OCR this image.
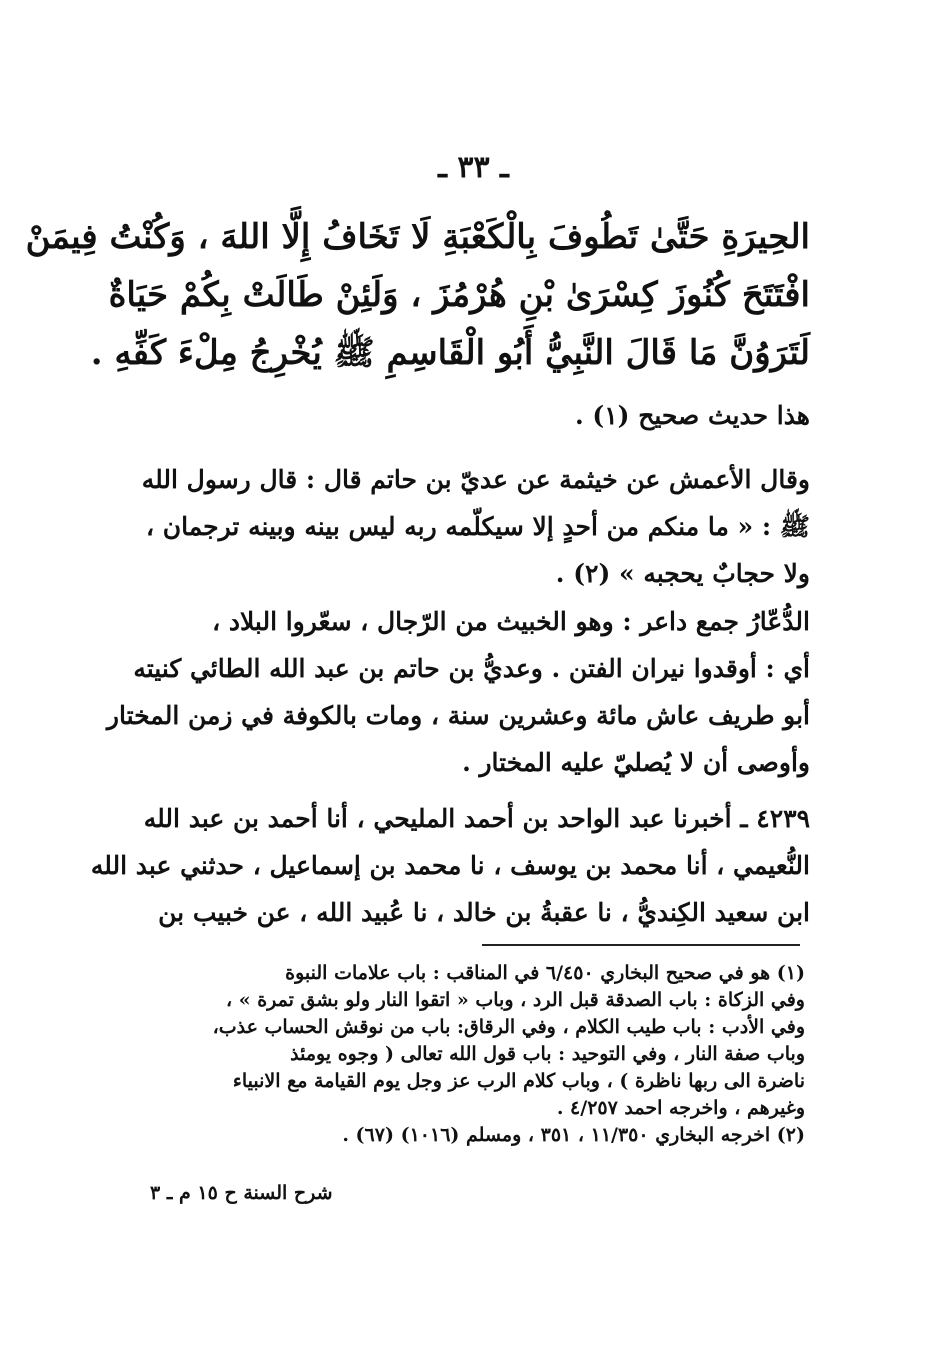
ـ ٣٣ ـ
الحِيرَةِ حَتَّىٰ تَطُوفَ بِالْكَعْبَةِ لَا تَخَافُ إِلَّا اللهَ ، وَكُنْتُ فِيمَنْ
افْتَتَحَ كُنُوزَ كِسْرَىٰ بْنِ هُرْمُزَ ، وَلَئِنْ طَالَتْ بِكُمْ حَيَاةٌ
لَتَرَوُنَّ مَا قَالَ النَّبِيُّ أَبُو الْقَاسِمِ ﷺ يُخْرِجُ مِلْءَ كَفِّهِ .
هذا حديث صحيح (١) .
وقال الأعمش عن خيثمة عن عديّ بن حاتم قال : قال رسول الله
ﷺ : « ما منكم من أحدٍ إلا سيكلّمه ربه ليس بينه وبينه ترجمان ،
ولا حجابٌ يحجبه » (٢) .
الدُّعّارُ جمع داعر : وهو الخبيث من الرّجال ، سعّروا البلاد ،
أي : أوقدوا نيران الفتن . وعديُّ بن حاتم بن عبد الله الطائي كنيته
أبو طريف عاش مائة وعشرين سنة ، ومات بالكوفة في زمن المختار
وأوصى أن لا يُصليّ عليه المختار .
٤٢٣٩ ـ أخبرنا عبد الواحد بن أحمد المليحي ، أنا أحمد بن عبد الله
النُّعيمي ، أنا محمد بن يوسف ، نا محمد بن إسماعيل ، حدثني عبد الله
ابن سعيد الكِنديُّ ، نا عقبةُ بن خالد ، نا عُبيد الله ، عن خبيب بن
(١) هو في صحيح البخاري ٦/٤٥٠ في المناقب : باب علامات النبوة
وفي الزكاة : باب الصدقة قبل الرد ، وباب « اتقوا النار ولو بشق تمرة » ،
وفي الأدب : باب طيب الكلام ، وفي الرقاق: باب من نوقش الحساب عذب،
وباب صفة النار ، وفي التوحيد : باب قول الله تعالى ( وجوه يومئذ
ناضرة الى ربها ناظرة ) ، وباب كلام الرب عز وجل يوم القيامة مع الانبياء
وغيرهم ، واخرجه احمد ٤/٢٥٧ .
(٢) اخرجه البخاري ١١/٣٥٠ ، ٣٥١ ، ومسلم (١٠١٦) (٦٧) .
شرح السنة ح ١٥ م ـ ٣
